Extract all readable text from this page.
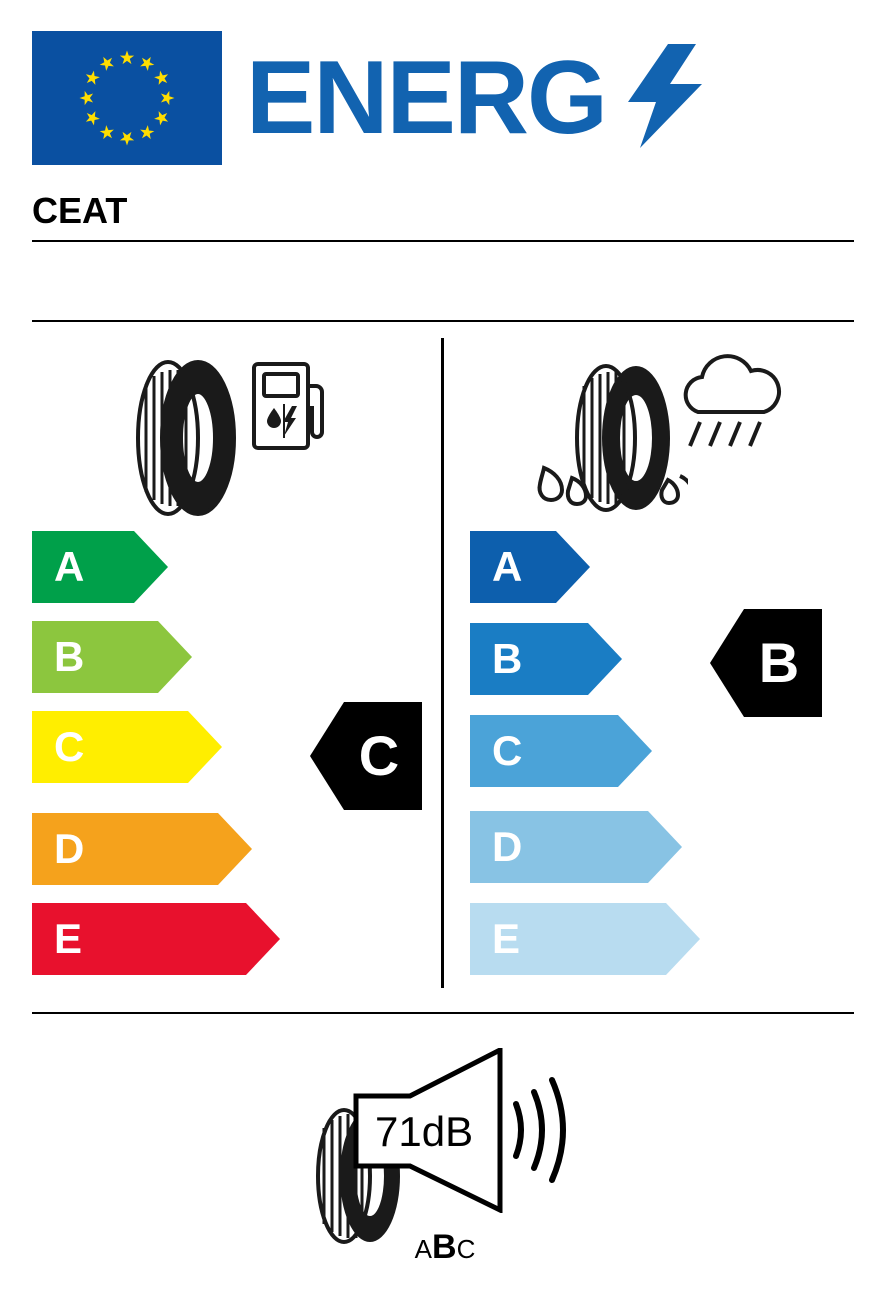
ENERG
CEAT
A
B
C
D
E
C
A
B
C
D
E
B
71dB
ABC
